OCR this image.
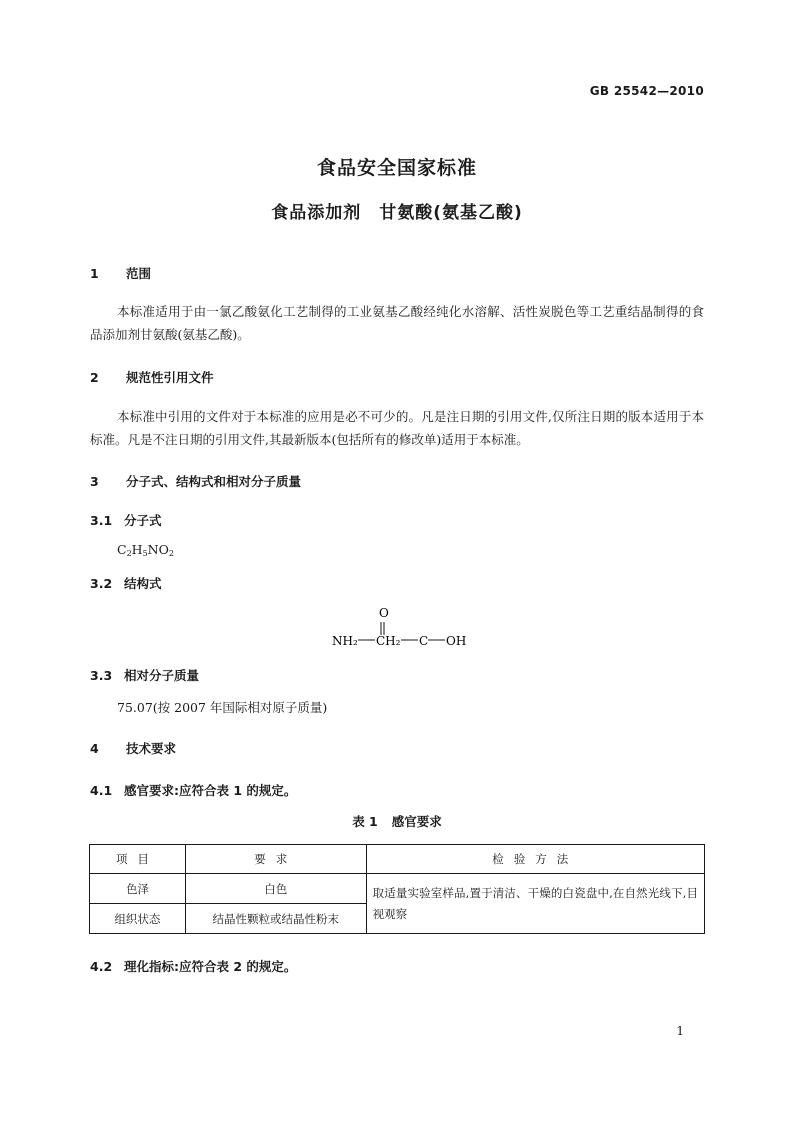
GB 25542—2010
食品安全国家标准
食品添加剂 甘氨酸(氨基乙酸)
1 范围
本标准适用于由一氯乙酸氨化工艺制得的工业氨基乙酸经纯化水溶解、活性炭脱色等工艺重结晶制得的食品添加剂甘氨酸(氨基乙酸)。
2 规范性引用文件
本标准中引用的文件对于本标准的应用是必不可少的。凡是注日期的引用文件,仅所注日期的版本适用于本标准。凡是不注日期的引用文件,其最新版本(包括所有的修改单)适用于本标准。
3 分子式、结构式和相对分子质量
3.1 分子式
$C_2H_5NO_2$
3.2 结构式
O
NH₂ CH₂ C OH
3.3 相对分子质量
75.07(按 2007 年国际相对原子质量)
4 技术要求
4.1 感官要求:应符合表 1 的规定。
表 1 感官要求
项目	要求	检验方法
色泽	白色	取适量实验室样品,置于清洁、干燥的白瓷盘中,在自然光线下,目视观察
组织状态	结晶性颗粒或结晶性粉末	
4.2 理化指标:应符合表 2 的规定。
1
